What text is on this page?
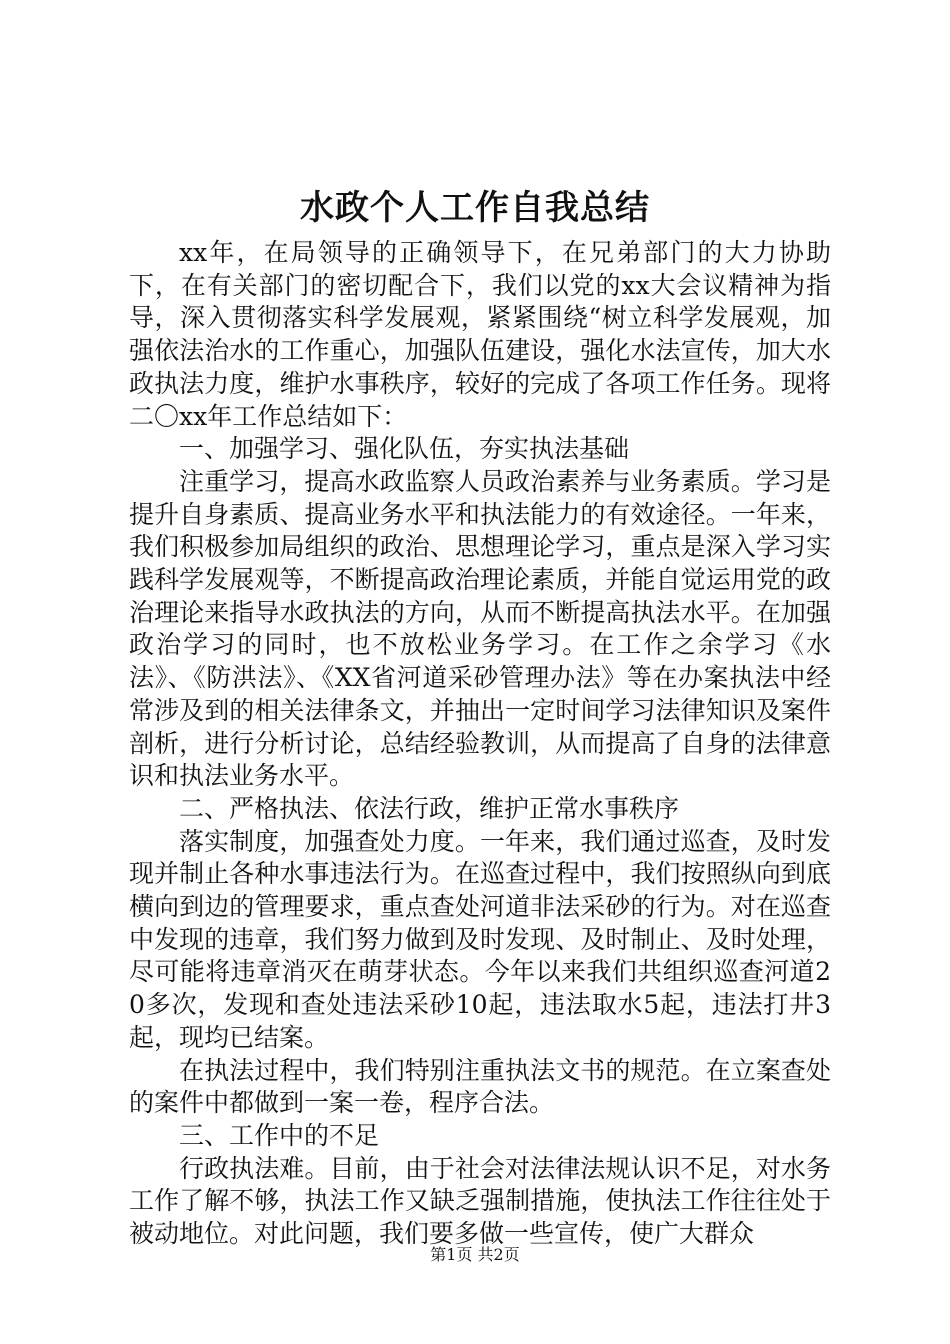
水政个人工作自我总结

xx年，在局领导的正确领导下，在兄弟部门的大力协助下，在有关部门的密切配合下，我们以党的xx大会议精神为指导，深入贯彻落实科学发展观，紧紧围绕“树立科学发展观，加强依法治水的工作重心，加强队伍建设，强化水法宣传，加大水政执法力度，维护水事秩序，较好的完成了各项工作任务。现将二〇xx年工作总结如下：

一、加强学习、强化队伍，夯实执法基础

注重学习，提高水政监察人员政治素养与业务素质。学习是提升自身素质、提高业务水平和执法能力的有效途径。一年来，我们积极参加局组织的政治、思想理论学习，重点是深入学习实践科学发展观等，不断提高政治理论素质，并能自觉运用党的政治理论来指导水政执法的方向，从而不断提高执法水平。在加强政治学习的同时，也不放松业务学习。在工作之余学习《水法》、《防洪法》、《XX省河道采砂管理办法》等在办案执法中经常涉及到的相关法律条文，并抽出一定时间学习法律知识及案件剖析，进行分析讨论，总结经验教训，从而提高了自身的法律意识和执法业务水平。

二、严格执法、依法行政，维护正常水事秩序

落实制度，加强查处力度。一年来，我们通过巡查，及时发现并制止各种水事违法行为。在巡查过程中，我们按照纵向到底横向到边的管理要求，重点查处河道非法采砂的行为。对在巡查中发现的违章，我们努力做到及时发现、及时制止、及时处理，尽可能将违章消灭在萌芽状态。今年以来我们共组织巡查河道20多次，发现和查处违法采砂10起，违法取水5起，违法打井3起，现均已结案。

在执法过程中，我们特别注重执法文书的规范。在立案查处的案件中都做到一案一卷，程序合法。

三、工作中的不足

行政执法难。目前，由于社会对法律法规认识不足，对水务工作了解不够，执法工作又缺乏强制措施，使执法工作往往处于被动地位。对此问题，我们要多做一些宣传，使广大群众

第1页 共2页
